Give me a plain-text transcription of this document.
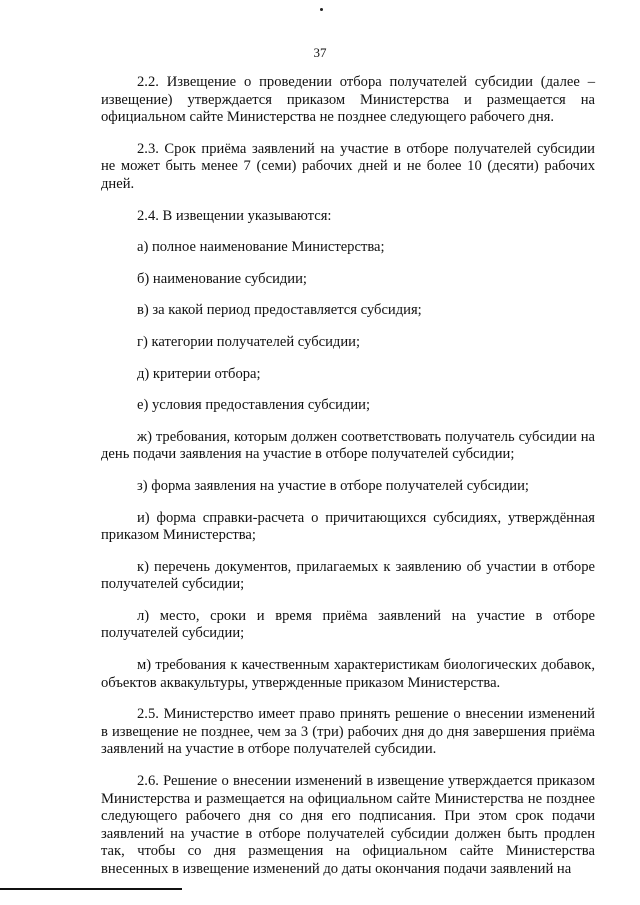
37

2.2. Извещение о проведении отбора получателей субсидии (далее – извещение) утверждается приказом Министерства и размещается на официальном сайте Министерства не позднее следующего рабочего дня.

2.3. Срок приёма заявлений на участие в отборе получателей субсидии не может быть менее 7 (семи) рабочих дней и не более 10 (десяти) рабочих дней.

2.4. В извещении указываются:

а) полное наименование Министерства;

б) наименование субсидии;

в) за какой период предоставляется субсидия;

г) категории получателей субсидии;

д) критерии отбора;

е) условия предоставления субсидии;

ж) требования, которым должен соответствовать получатель субсидии на день подачи заявления на участие в отборе получателей субсидии;

з) форма заявления на участие в отборе получателей субсидии;

и) форма справки-расчета о причитающихся субсидиях, утверждённая приказом Министерства;

к) перечень документов, прилагаемых к заявлению об участии в отборе получателей субсидии;

л) место, сроки и время приёма заявлений на участие в отборе получателей субсидии;

м) требования к качественным характеристикам биологических добавок, объектов аквакультуры, утвержденные приказом Министерства.

2.5. Министерство имеет право принять решение о внесении изменений в извещение не позднее, чем за 3 (три) рабочих дня до дня завершения приёма заявлений на участие в отборе получателей субсидии.

2.6. Решение о внесении изменений в извещение утверждается приказом Министерства и размещается на официальном сайте Министерства не позднее следующего рабочего дня со дня его подписания. При этом срок подачи заявлений на участие в отборе получателей субсидии должен быть продлен так, чтобы со дня размещения на официальном сайте Министерства внесенных в извещение изменений до даты окончания подачи заявлений на
